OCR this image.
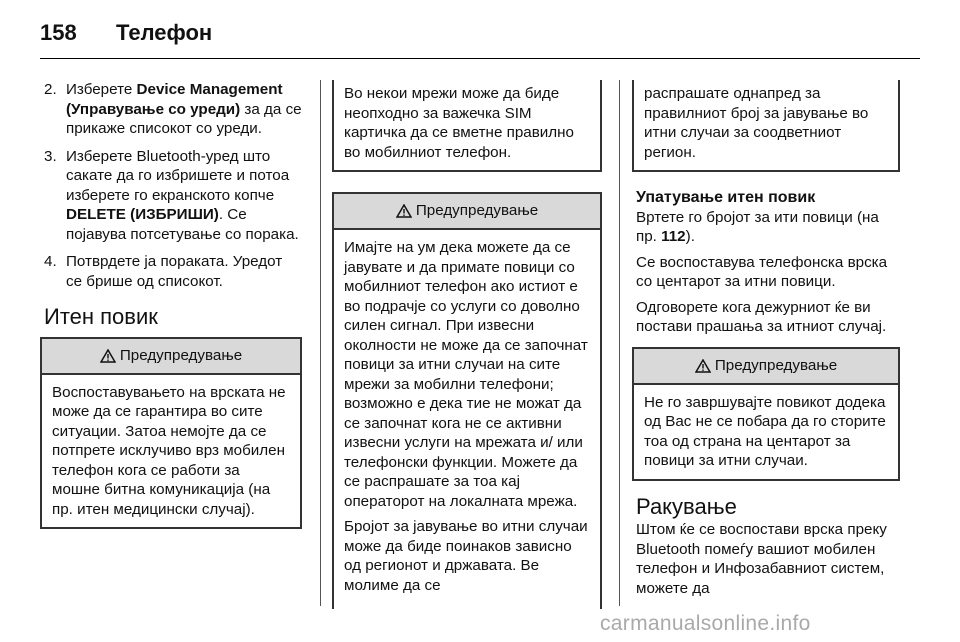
158 Телефон
2. Изберете Device Management (Управување со уреди) за да се прикаже списокот со уреди.
3. Изберете Bluetooth-уред што сакате да го избришете и потоа изберете го екранското копче DELETE (ИЗБРИШИ). Се појавува потсетување со порака.
4. Потврдете ја пораката. Уредот се брише од списокот.
Итен повик
Предупредување
Воспоставувањето на врската не може да се гарантира во сите ситуации. Затоа немојте да се потпрете исклучиво врз мобилен телефон кога се работи за мошне битна комуникација (на пр. итен медицински случај).
Во некои мрежи може да биде неопходно за важечка SIM картичка да се вметне правилно во мобилниот телефон.
Предупредување
Имајте на ум дека можете да се јавувате и да примате повици со мобилниот телефон ако истиот е во подрачје со услуги со доволно силен сигнал. При извесни околности не може да се започнат повици за итни случаи на сите мрежи за мобилни телефони; возможно е дека тие не можат да се започнат кога не се активни извесни услуги на мрежата и/ или телефонски функции. Можете да се распрашате за тоа кај операторот на локалната мрежа.
Бројот за јавување во итни случаи може да биде поинаков зависно од регионот и државата. Ве молиме да се
распрашате однапред за правилниот број за јавување во итни случаи за соодветниот регион.
Упатување итен повик
Вртете го бројот за ити повици (на пр. 112).
Се воспоставува телефонска врска со центарот за итни повици.
Одговорете кога дежурниот ќе ви постави прашања за итниот случај.
Предупредување
Не го завршувајте повикот додека од Вас не се побара да го сторите тоа од страна на центарот за повици за итни случаи.
Ракување
Штом ќе се воспостави врска преку Bluetooth помеѓу вашиот мобилен телефон и Инфозабавниот систем, можете да
carmanualsonline.info
